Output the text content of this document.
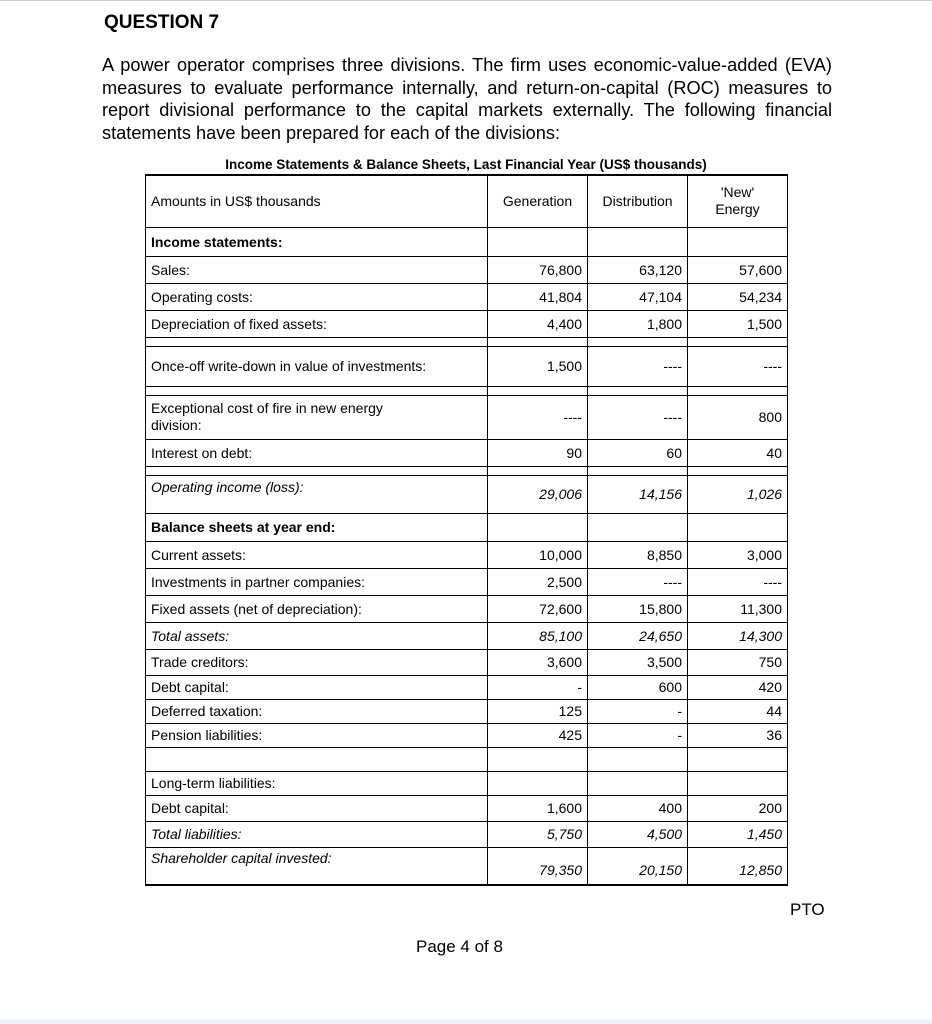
QUESTION 7
A power operator comprises three divisions. The firm uses economic-value-added (EVA) measures to evaluate performance internally, and return-on-capital (ROC) measures to report divisional performance to the capital markets externally. The following financial statements have been prepared for each of the divisions:
Income Statements & Balance Sheets, Last Financial Year (US$ thousands)
Amounts in US$ thousands	Generation	Distribution	'New' Energy
Income statements:			
Sales:	76,800	63,120	57,600
Operating costs:	41,804	47,104	54,234
Depreciation of fixed assets:	4,400	1,800	1,500

Once-off write-down in value of investments:	1,500	----	----

Exceptional cost of fire in new energy division:	----	----	800
Interest on debt:	90	60	40

Operating income (loss):	29,006	14,156	1,026
Balance sheets at year end:			
Current assets:	10,000	8,850	3,000
Investments in partner companies:	2,500	----	----
Fixed assets (net of depreciation):	72,600	15,800	11,300
Total assets:	85,100	24,650	14,300
Trade creditors:	3,600	3,500	750
Debt capital:	-	600	420
Deferred taxation:	125	-	44
Pension liabilities:	425	-	36

Long-term liabilities:			
Debt capital:	1,600	400	200
Total liabilities:	5,750	4,500	1,450
Shareholder capital invested:	79,350	20,150	12,850
PTO
Page 4 of 8
